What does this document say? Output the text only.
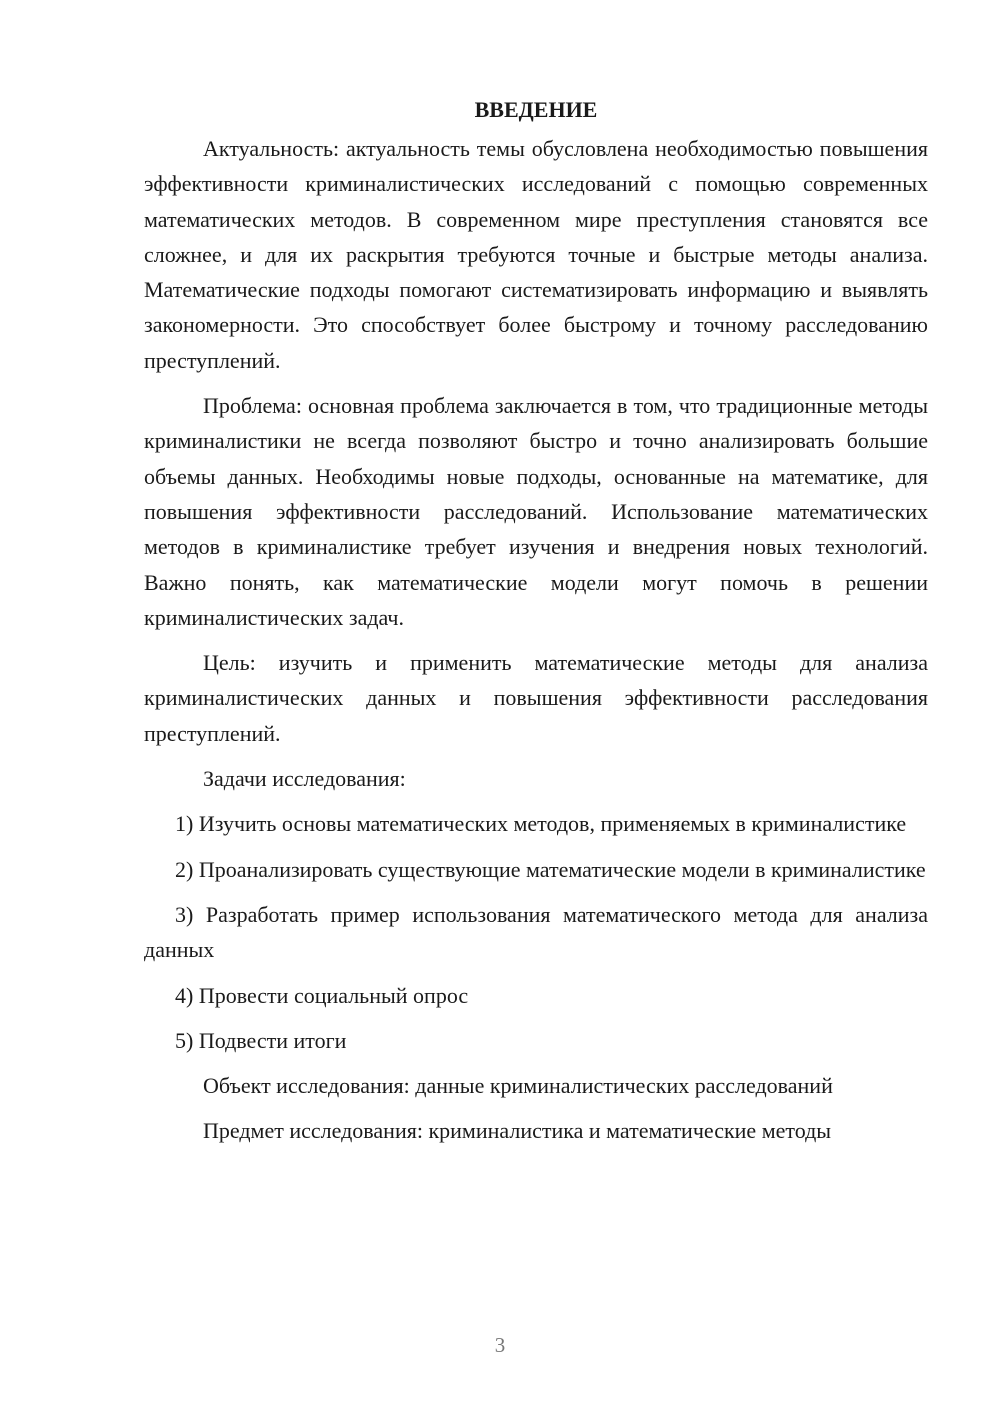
ВВЕДЕНИЕ

Актуальность: актуальность темы обусловлена необходимостью повышения эффективности криминалистических исследований с помощью современных математических методов. В современном мире преступления становятся все сложнее, и для их раскрытия требуются точные и быстрые методы анализа. Математические подходы помогают систематизировать информацию и выявлять закономерности. Это способствует более быстрому и точному расследованию преступлений.

Проблема: основная проблема заключается в том, что традиционные методы криминалистики не всегда позволяют быстро и точно анализировать большие объемы данных. Необходимы новые подходы, основанные на математике, для повышения эффективности расследований. Использование математических методов в криминалистике требует изучения и внедрения новых технологий. Важно понять, как математические модели могут помочь в решении криминалистических задач.

Цель: изучить и применить математические методы для анализа криминалистических данных и повышения эффективности расследования преступлений.

Задачи исследования:

1) Изучить основы математических методов, применяемых в криминалистике

2) Проанализировать существующие математические модели в криминалистике

3) Разработать пример использования математического метода для анализа данных

4) Провести социальный опрос

5) Подвести итоги

Объект исследования: данные криминалистических расследований

Предмет исследования: криминалистика и математические методы

3
